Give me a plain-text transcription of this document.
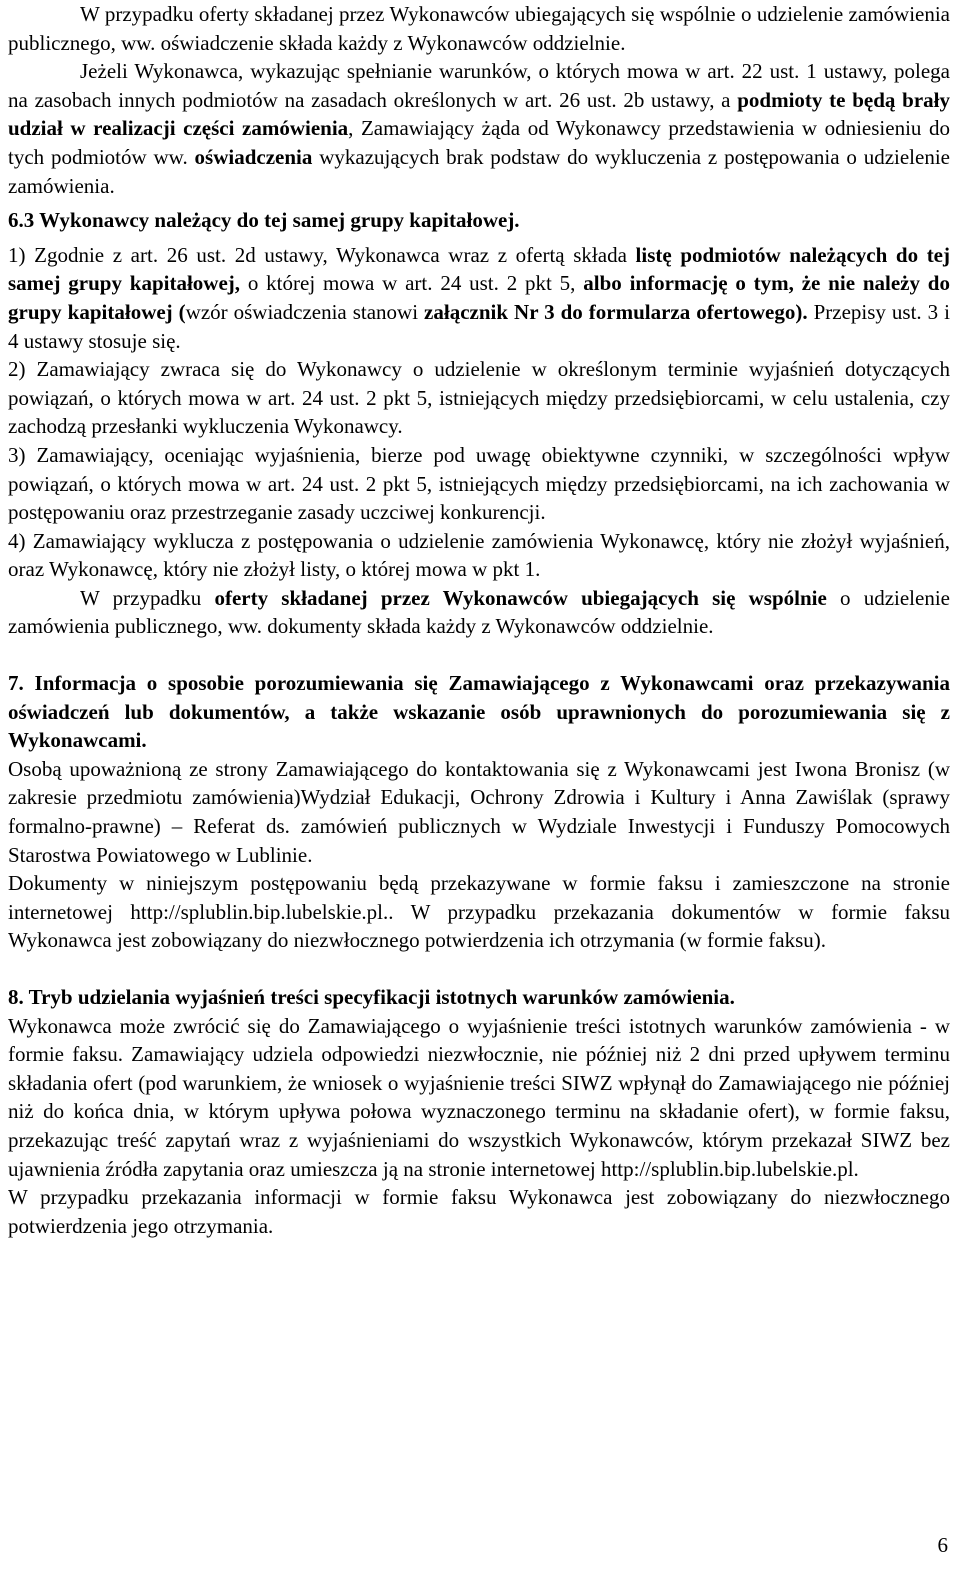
W przypadku oferty składanej przez Wykonawców ubiegających się wspólnie o udzielenie zamówienia publicznego, ww. oświadczenie składa każdy z Wykonawców oddzielnie.

Jeżeli Wykonawca, wykazując spełnianie warunków, o których mowa w art. 22 ust. 1 ustawy, polega na zasobach innych podmiotów na zasadach określonych w art. 26 ust. 2b ustawy, a podmioty te będą brały udział w realizacji części zamówienia, Zamawiający żąda od Wykonawcy przedstawienia w odniesieniu do tych podmiotów ww. oświadczenia wykazujących brak podstaw do wykluczenia z postępowania o udzielenie zamówienia.

6.3 Wykonawcy należący do tej samej grupy kapitałowej.

1) Zgodnie z art. 26 ust. 2d ustawy, Wykonawca wraz z ofertą składa listę podmiotów należących do tej samej grupy kapitałowej, o której mowa w art. 24 ust. 2 pkt 5, albo informację o tym, że nie należy do grupy kapitałowej (wzór oświadczenia stanowi załącznik Nr 3 do formularza ofertowego). Przepisy ust. 3 i 4 ustawy stosuje się.

2) Zamawiający zwraca się do Wykonawcy o udzielenie w określonym terminie wyjaśnień dotyczących powiązań, o których mowa w art. 24 ust. 2 pkt 5, istniejących między przedsiębiorcami, w celu ustalenia, czy zachodzą przesłanki wykluczenia Wykonawcy.

3) Zamawiający, oceniając wyjaśnienia, bierze pod uwagę obiektywne czynniki, w szczególności wpływ powiązań, o których mowa w art. 24 ust. 2 pkt 5, istniejących między przedsiębiorcami, na ich zachowania w postępowaniu oraz przestrzeganie zasady uczciwej konkurencji.

4) Zamawiający wyklucza z postępowania o udzielenie zamówienia Wykonawcę, który nie złożył wyjaśnień, oraz Wykonawcę, który nie złożył listy, o której mowa w pkt 1.

W przypadku oferty składanej przez Wykonawców ubiegających się wspólnie o udzielenie zamówienia publicznego, ww. dokumenty składa każdy z Wykonawców oddzielnie.

7. Informacja o sposobie porozumiewania się Zamawiającego z Wykonawcami oraz przekazywania oświadczeń lub dokumentów, a także wskazanie osób uprawnionych do porozumiewania się z Wykonawcami.

Osobą upoważnioną ze strony Zamawiającego do kontaktowania się z Wykonawcami jest Iwona Bronisz (w zakresie przedmiotu zamówienia)Wydział Edukacji, Ochrony Zdrowia i Kultury i Anna Zawiślak (sprawy formalno-prawne) – Referat ds. zamówień publicznych w Wydziale Inwestycji i Funduszy Pomocowych Starostwa Powiatowego w Lublinie.

Dokumenty w niniejszym postępowaniu będą przekazywane w formie faksu i zamieszczone na stronie internetowej http://splublin.bip.lubelskie.pl.. W przypadku przekazania dokumentów w formie faksu Wykonawca jest zobowiązany do niezwłocznego potwierdzenia ich otrzymania (w formie faksu).

8. Tryb udzielania wyjaśnień treści specyfikacji istotnych warunków zamówienia.

Wykonawca może zwrócić się do Zamawiającego o wyjaśnienie treści istotnych warunków zamówienia - w formie faksu. Zamawiający udziela odpowiedzi niezwłocznie, nie później niż 2 dni przed upływem terminu składania ofert (pod warunkiem, że wniosek o wyjaśnienie treści SIWZ wpłynął do Zamawiającego nie później niż do końca dnia, w którym upływa połowa wyznaczonego terminu na składanie ofert), w formie faksu, przekazując treść zapytań wraz z wyjaśnieniami do wszystkich Wykonawców, którym przekazał SIWZ bez ujawnienia źródła zapytania oraz umieszcza ją na stronie internetowej http://splublin.bip.lubelskie.pl.

W przypadku przekazania informacji w formie faksu Wykonawca jest zobowiązany do niezwłocznego potwierdzenia jego otrzymania.

6
